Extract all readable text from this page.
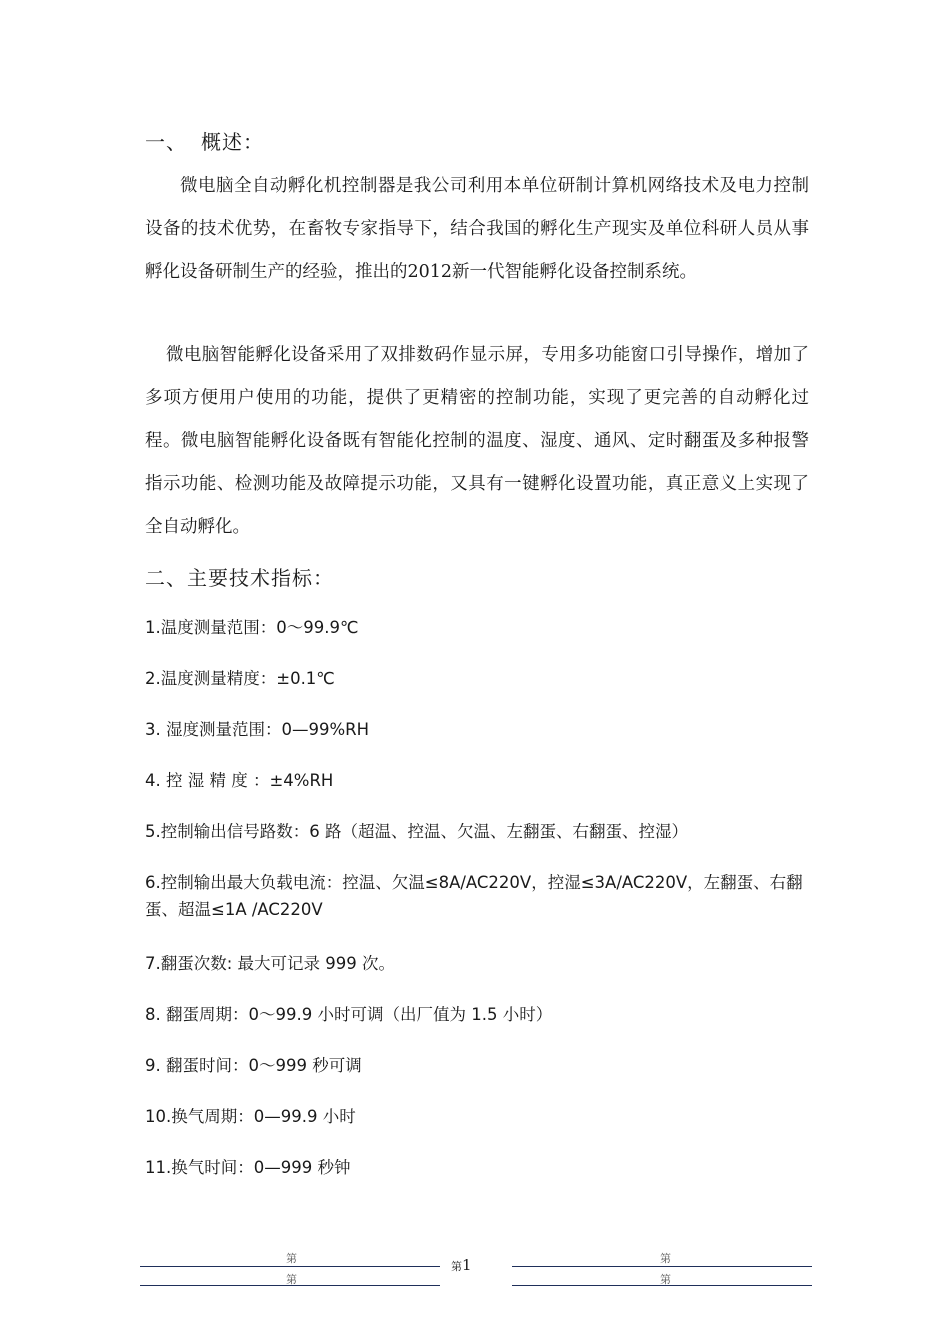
一、 概述：
微电脑全自动孵化机控制器是我公司利用本单位研制计算机网络技术及电力控制设备的技术优势，在畜牧专家指导下，结合我国的孵化生产现实及单位科研人员从事孵化设备研制生产的经验，推出的2012新一代智能孵化设备控制系统。
微电脑智能孵化设备采用了双排数码作显示屏，专用多功能窗口引导操作，增加了多项方便用户使用的功能，提供了更精密的控制功能，实现了更完善的自动孵化过程。微电脑智能孵化设备既有智能化控制的温度、湿度、通风、定时翻蛋及多种报警指示功能、检测功能及故障提示功能，又具有一键孵化设置功能，真正意义上实现了全自动孵化。
二、主要技术指标：
1.温度测量范围：0～99.9℃
2.温度测量精度：±0.1℃
3. 湿度测量范围：0—99%RH
4. 控 湿 精 度 ：±4%RH
5.控制输出信号路数：6 路（超温、控温、欠温、左翻蛋、右翻蛋、控湿）
6.控制输出最大负载电流：控温、欠温≤8A/AC220V，控湿≤3A/AC220V，左翻蛋、右翻蛋、超温≤1A /AC220V
7.翻蛋次数: 最大可记录 999 次。
8. 翻蛋周期：0～99.9 小时可调（出厂值为 1.5 小时）
9. 翻蛋时间：0～999 秒可调
10.换气周期：0—99.9 小时
11.换气时间：0—999 秒钟
第
第
第1	第
第
